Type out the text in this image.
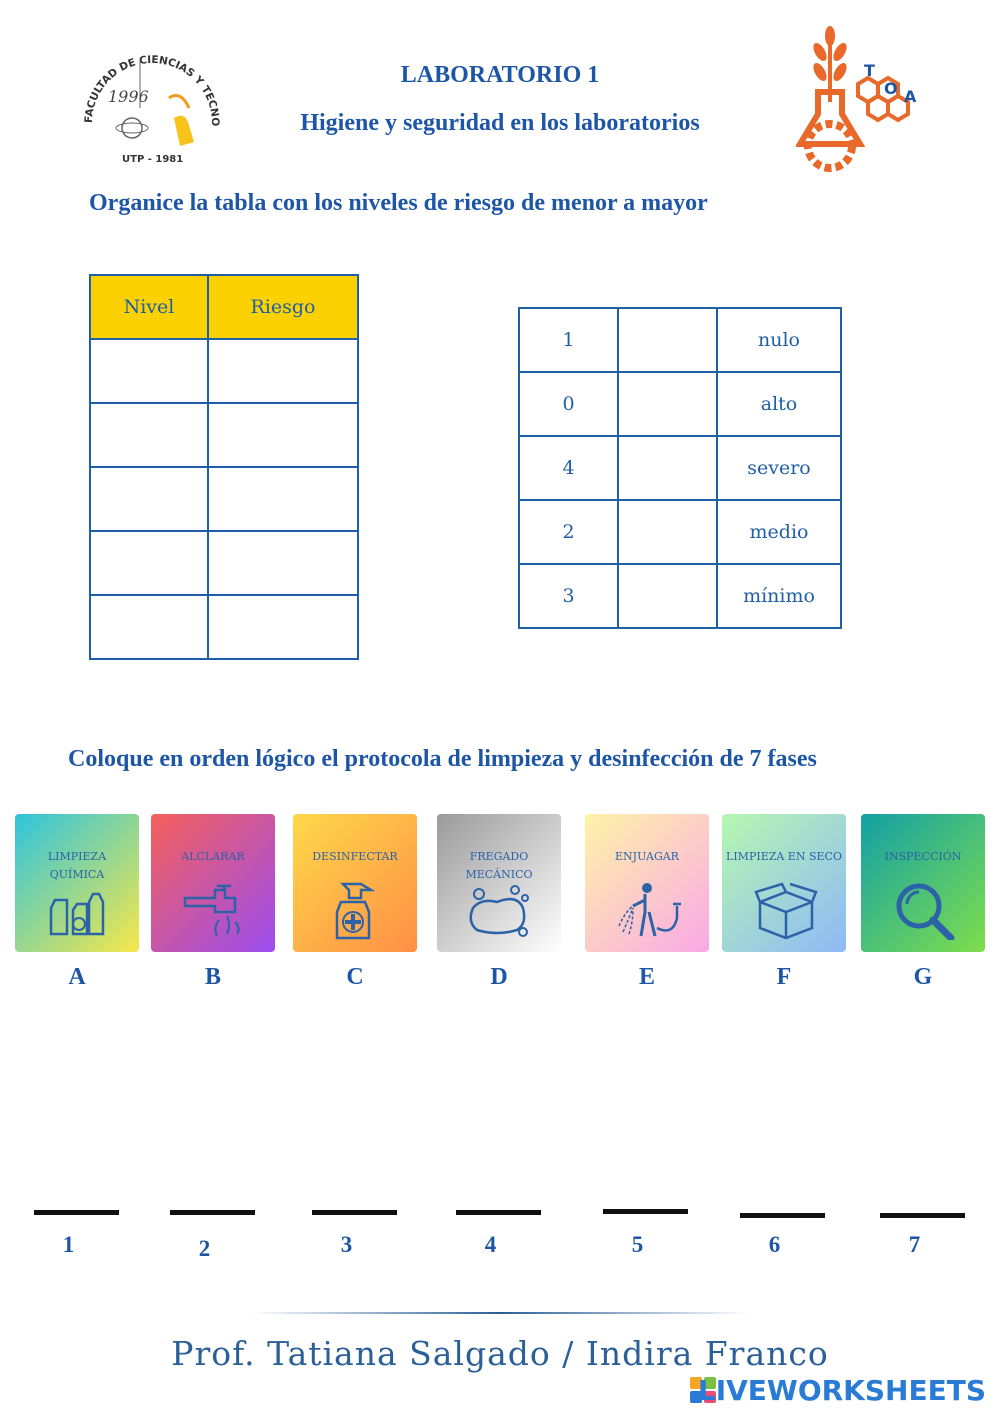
FACULTAD DE CIENCIAS Y TECNO
1996
UTP - 1981
T
O A
LABORATORIO 1
Higiene y seguridad en los laboratorios
Organice la tabla con los niveles de riesgo de menor a mayor
Nivel	Riesgo

1		nulo
0		alto
4		severo
2		medio
3		mínimo
Coloque en orden lógico el protocola de limpieza y desinfección de 7 fases
LIMPIEZA QUÍMICA
A
1
ALCLARAR
B
2
DESINFECTAR
C
3
FREGADO MECÁNICO
D
4
ENJUAGAR
E
5
LIMPIEZA EN SECO
F
6
INSPECCIÓN
G
7
Prof. Tatiana Salgado / Indira Franco
LIVEWORKSHEETS
